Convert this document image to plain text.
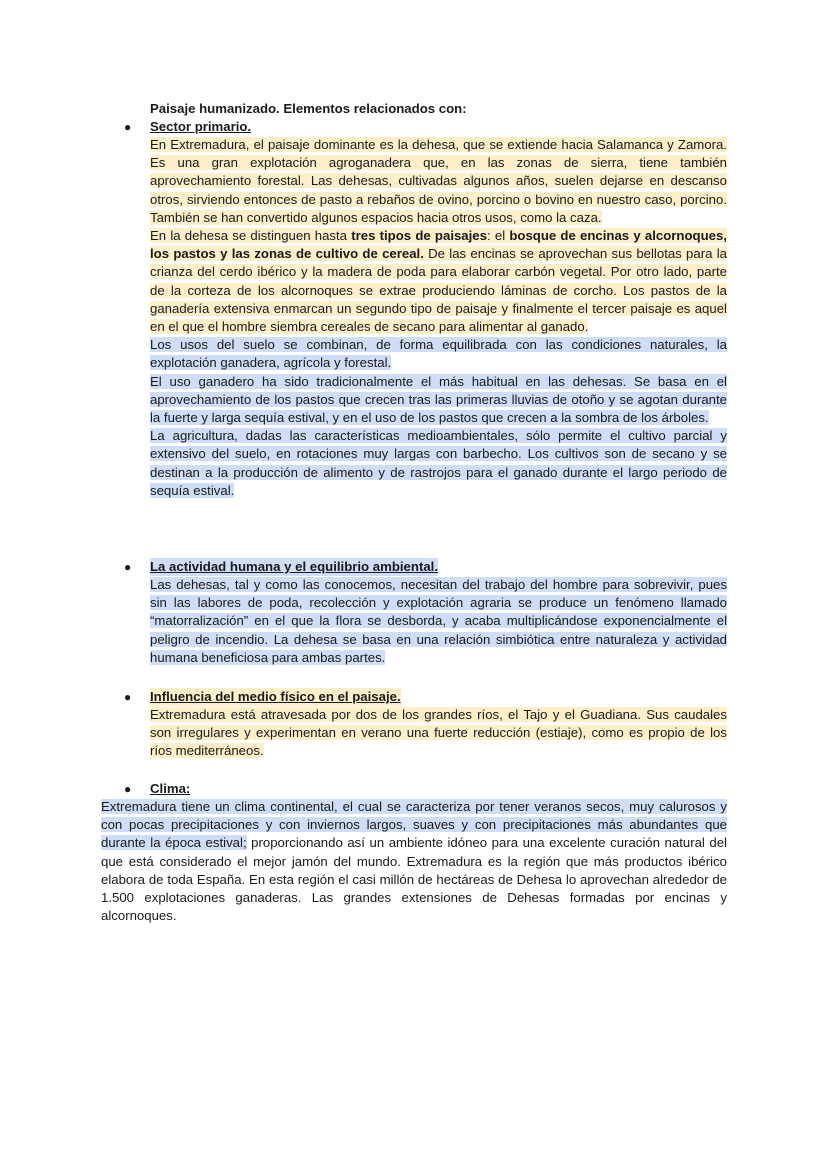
Paisaje humanizado. Elementos relacionados con:
● Sector primario.
En Extremadura, el paisaje dominante es la dehesa, que se extiende hacia Salamanca y Zamora. Es una gran explotación agroganadera que, en las zonas de sierra, tiene también aprovechamiento forestal. Las dehesas, cultivadas algunos años, suelen dejarse en descanso otros, sirviendo entonces de pasto a rebaños de ovino, porcino o bovino en nuestro caso, porcino. También se han convertido algunos espacios hacia otros usos, como la caza.
En la dehesa se distinguen hasta tres tipos de paisajes: el bosque de encinas y alcornoques, los pastos y las zonas de cultivo de cereal. De las encinas se aprovechan sus bellotas para la crianza del cerdo ibérico y la madera de poda para elaborar carbón vegetal. Por otro lado, parte de la corteza de los alcornoques se extrae produciendo láminas de corcho. Los pastos de la ganadería extensiva enmarcan un segundo tipo de paisaje y finalmente el tercer paisaje es aquel en el que el hombre siembra cereales de secano para alimentar al ganado.
Los usos del suelo se combinan, de forma equilibrada con las condiciones naturales, la explotación ganadera, agrícola y forestal.
El uso ganadero ha sido tradicionalmente el más habitual en las dehesas. Se basa en el aprovechamiento de los pastos que crecen tras las primeras lluvias de otoño y se agotan durante la fuerte y larga sequía estival, y en el uso de los pastos que crecen a la sombra de los árboles.
La agricultura, dadas las características medioambientales, sólo permite el cultivo parcial y extensivo del suelo, en rotaciones muy largas con barbecho. Los cultivos son de secano y se destinan a la producción de alimento y de rastrojos para el ganado durante el largo periodo de sequía estival.
● La actividad humana y el equilibrio ambiental.
Las dehesas, tal y como las conocemos, necesitan del trabajo del hombre para sobrevivir, pues sin las labores de poda, recolección y explotación agraria se produce un fenómeno llamado “matorralización” en el que la flora se desborda, y acaba multiplicándose exponencialmente el peligro de incendio. La dehesa se basa en una relación simbiótica entre naturaleza y actividad humana beneficiosa para ambas partes.
● Influencia del medio físico en el paisaje.
Extremadura está atravesada por dos de los grandes ríos, el Tajo y el Guadiana. Sus caudales son irregulares y experimentan en verano una fuerte reducción (estiaje), como es propio de los ríos mediterráneos.
● Clima:
Extremadura tiene un clima continental, el cual se caracteriza por tener veranos secos, muy calurosos y con pocas precipitaciones y con inviernos largos, suaves y con precipitaciones más abundantes que durante la época estival; proporcionando así un ambiente idóneo para una excelente curación natural del que está considerado el mejor jamón del mundo. Extremadura es la región que más productos ibérico elabora de toda España. En esta región el casi millón de hectáreas de Dehesa lo aprovechan alrededor de 1.500 explotaciones ganaderas. Las grandes extensiones de Dehesas formadas por encinas y alcornoques.
